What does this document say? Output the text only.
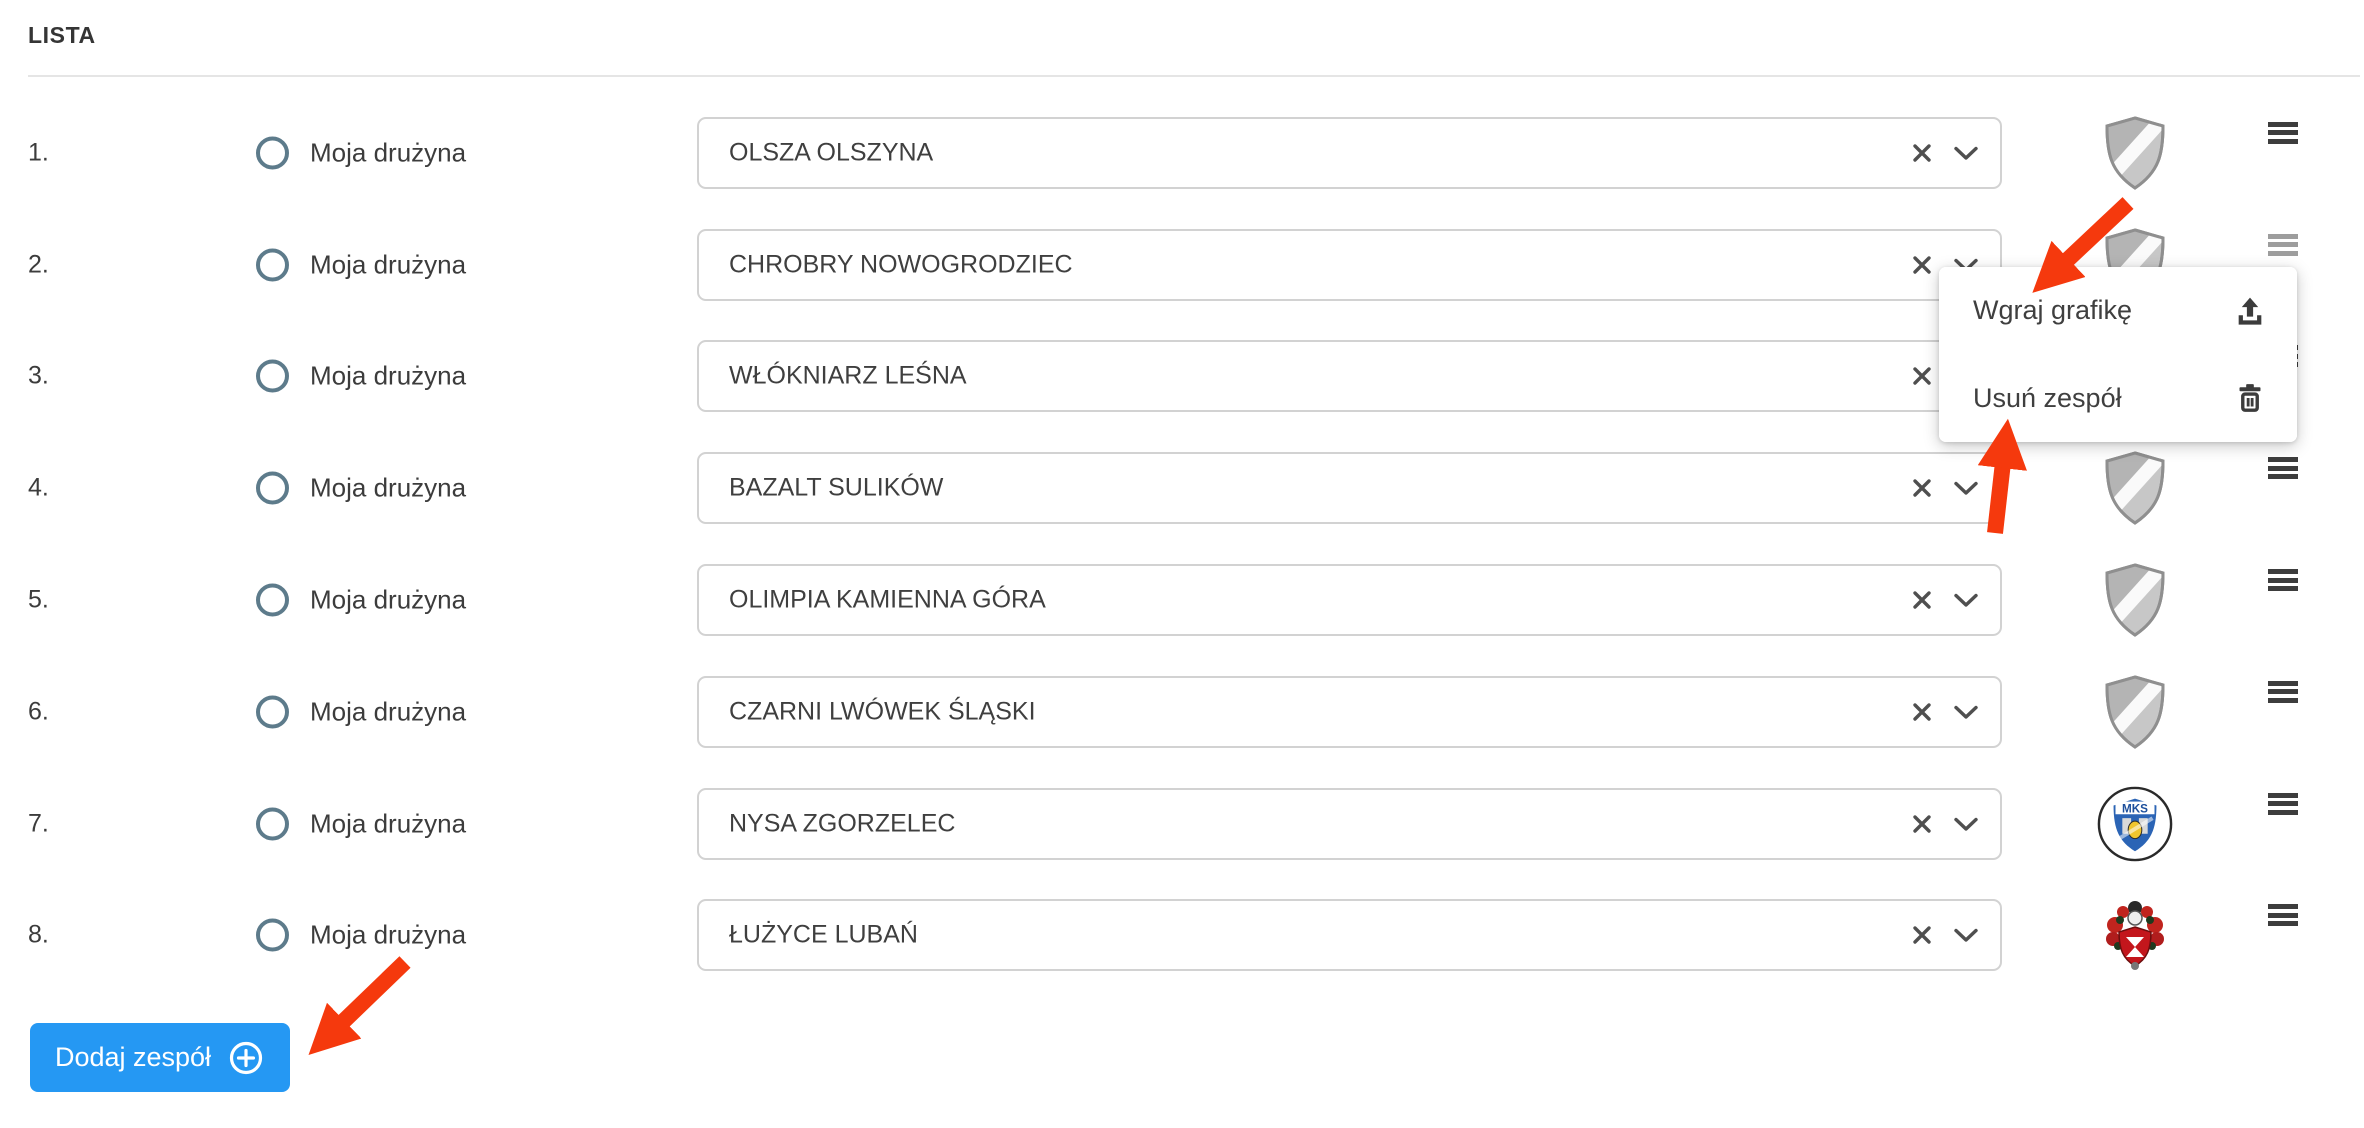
LISTA
1.	Moja drużyna	OLSZA OLSZYNA
2.	Moja drużyna	CHROBRY NOWOGRODZIEC
3.	Moja drużyna	WŁÓKNIARZ LEŚNA
4.	Moja drużyna	BAZALT SULIKÓW
5.	Moja drużyna	OLIMPIA KAMIENNA GÓRA
6.	Moja drużyna	CZARNI LWÓWEK ŚLĄSKI
7.	Moja drużyna	NYSA ZGORZELEC
MKS
8.	Moja drużyna	ŁUŻYCE LUBAŃ
Wgraj grafikę
Usuń zespół
Dodaj zespół
